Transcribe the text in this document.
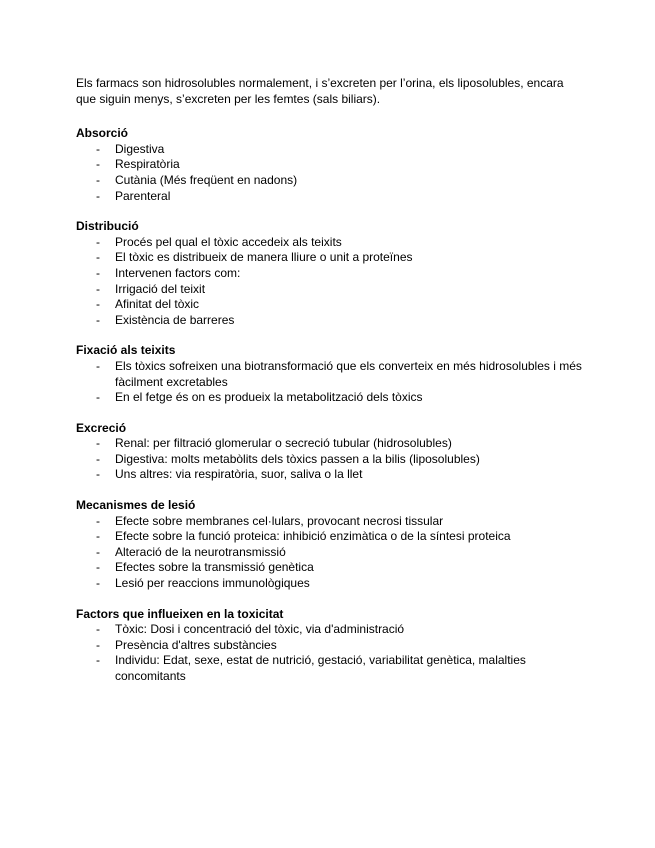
Els farmacs son hidrosolubles normalement, i s’excreten per l’orina, els liposolubles, encara que siguin menys, s’excreten per les femtes (sals biliars).

Absorció

- Digestiva
- Respiratòria
- Cutània (Més freqüent en nadons)
- Parenteral

Distribució

- Procés pel qual el tòxic accedeix als teixits
- El tòxic es distribueix de manera lliure o unit a proteïnes
- Intervenen factors com:
- Irrigació del teixit
- Afinitat del tòxic
- Existència de barreres

Fixació als teixits

- Els tòxics sofreixen una biotransformació que els converteix en més hidrosolubles i més fàcilment excretables
- En el fetge és on es produeix la metabolització dels tòxics

Excreció

- Renal: per filtració glomerular o secreció tubular (hidrosolubles)
- Digestiva: molts metabòlits dels tòxics passen a la bilis (liposolubles)
- Uns altres: via respiratòria, suor, saliva o la llet

Mecanismes de lesió

- Efecte sobre membranes cel·lulars, provocant necrosi tissular
- Efecte sobre la funció proteica: inhibició enzimàtica o de la síntesi proteica
- Alteració de la neurotransmissió
- Efectes sobre la transmissió genètica
- Lesió per reaccions immunològiques

Factors que influeixen en la toxicitat

- Tòxic: Dosi i concentració del tòxic, via d'administració
- Presència d'altres substàncies
- Individu: Edat, sexe, estat de nutrició, gestació, variabilitat genètica, malalties concomitants
